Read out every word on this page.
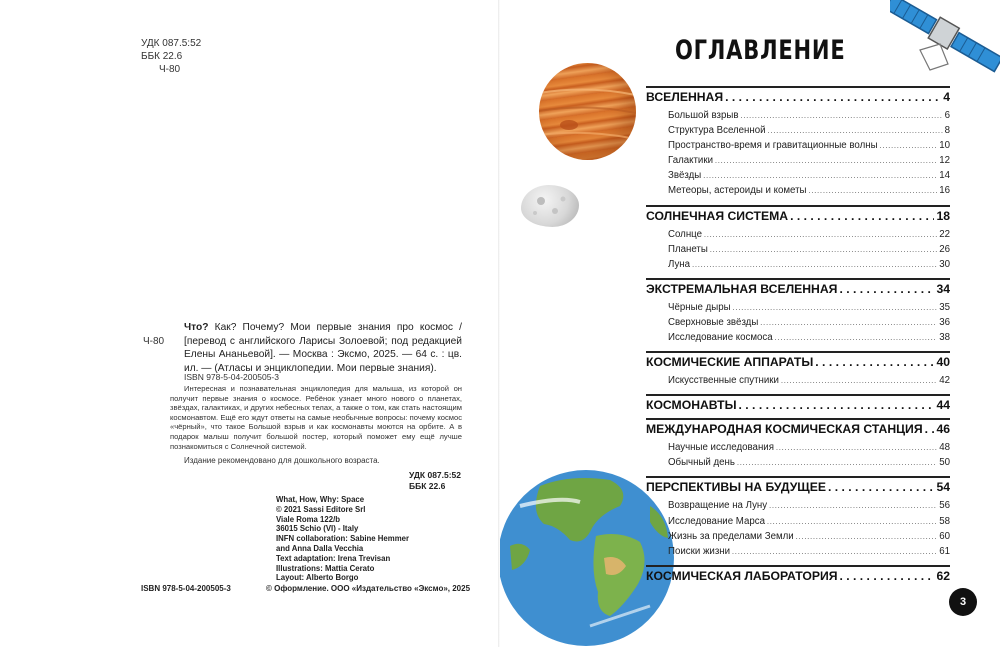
УДК 087.5:52
ББК 22.6
Ч-80
Ч-80
Что? Как? Почему? Мои первые знания про космос / [перевод с английского Ларисы Золоевой; под редакцией Елены Ананьевой]. — Москва : Эксмо, 2025. — 64 с. : цв. ил. — (Атласы и энциклопедии. Мои первые знания).
ISBN 978-5-04-200505-3
Интересная и познавательная энциклопедия для малыша, из которой он получит первые знания о космосе. Ребёнок узнает много нового о планетах, звёздах, галактиках, и других небесных телах, а также о том, как стать настоящим космонавтом. Ещё его ждут ответы на самые необычные вопросы: почему космос «чёрный», что такое Большой взрыв и как космонавты моются на орбите. А в подарок малыш получит большой постер, который поможет ему ещё лучше познакомиться с Солнечной системой.
Издание рекомендовано для дошкольного возраста.
УДК 087.5:52
ББК 22.6
What, How, Why: Space
© 2021 Sassi Editore Srl
Viale Roma 122/b
36015 Schio (VI) - Italy
INFN collaboration: Sabine Hemmer
and Anna Dalla Vecchia
Text adaptation: Irena Trevisan
Illustrations: Mattia Cerato
Layout: Alberto Borgo
ISBN 978-5-04-200505-3	© Оформление. ООО «Издательство «Эксмо», 2025
ОГЛАВЛЕНИЕ
ВСЕЛЕННАЯ . . .	4
Большой взрыв . . .	6
Структура Вселенной . . .	8
Пространство-время и гравитационные волны . . .	10
Галактики . . .	12
Звёзды . . .	14
Метеоры, астероиды и кометы . . .	16
СОЛНЕЧНАЯ СИСТЕМА . . .	18
Солнце . . .	22
Планеты . . .	26
Луна . . .	30
ЭКСТРЕМАЛЬНАЯ ВСЕЛЕННАЯ . . .	34
Чёрные дыры . . .	35
Сверхновые звёзды . . .	36
Исследование космоса . . .	38
КОСМИЧЕСКИЕ АППАРАТЫ . . .	40
Искусственные спутники . . .	42
КОСМОНАВТЫ . . .	44
МЕЖДУНАРОДНАЯ КОСМИЧЕСКАЯ СТАНЦИЯ . . . 46
Научные исследования . . .	48
Обычный день . . .	50
ПЕРСПЕКТИВЫ НА БУДУЩЕЕ . . .	54
Возвращение на Луну . . .	56
Исследование Марса . . .	58
Жизнь за пределами Земли . . .	60
Поиски жизни . . .	61
КОСМИЧЕСКАЯ ЛАБОРАТОРИЯ . . .	62
3
